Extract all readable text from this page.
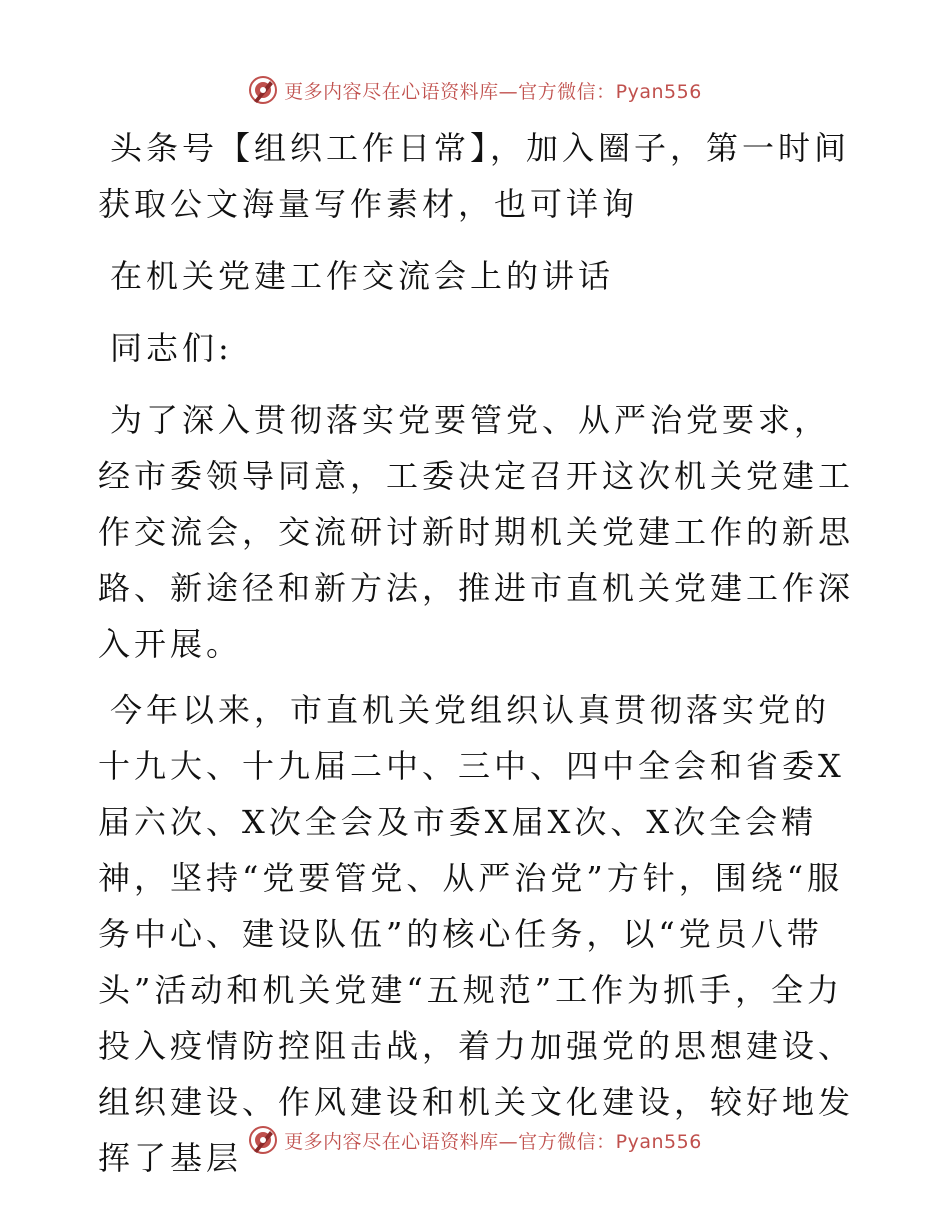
更多内容尽在心语资料库—官方微信：Pyan556

头条号【组织工作日常】，加入圈子，第一时间获取公文海量写作素材，也可详询

在机关党建工作交流会上的讲话

同志们:

为了深入贯彻落实党要管党、从严治党要求，经市委领导同意，工委决定召开这次机关党建工作交流会，交流研讨新时期机关党建工作的新思路、新途径和新方法，推进市直机关党建工作深入开展。

今年以来，市直机关党组织认真贯彻落实党的十九大、十九届二中、三中、四中全会和省委X届六次、X次全会及市委X届X次、X次全会精神，坚持“党要管党、从严治党”方针，围绕“服务中心、建设队伍”的核心任务，以“党员八带头”活动和机关党建“五规范”工作为抓手，全力投入疫情防控阻击战，着力加强党的思想建设、组织建设、作风建设和机关文化建设，较好地发挥了基层	更多内容尽在心语资料库—官方微信：Pyan556
